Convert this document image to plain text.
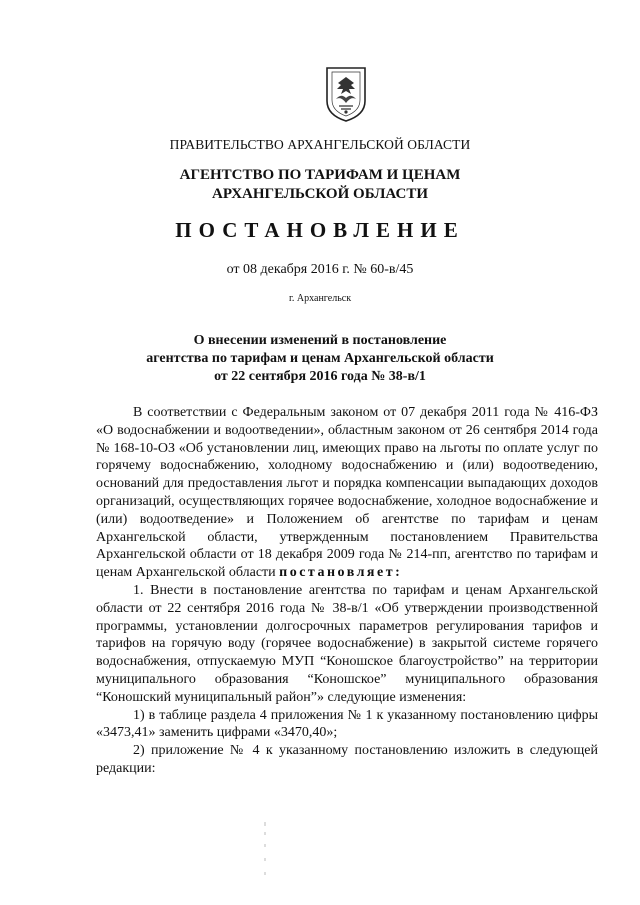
ПРАВИТЕЛЬСТВО АРХАНГЕЛЬСКОЙ ОБЛАСТИ
АГЕНТСТВО ПО ТАРИФАМ И ЦЕНАМ
АРХАНГЕЛЬСКОЙ ОБЛАСТИ
ПОСТАНОВЛЕНИЕ
от 08 декабря 2016 г. № 60-в/45
г. Архангельск
О внесении изменений в постановление
агентства по тарифам и ценам Архангельской области
от 22 сентября 2016 года № 38-в/1

В соответствии с Федеральным законом от 07 декабря 2011 года № 416-ФЗ «О водоснабжении и водоотведении», областным законом от 26 сентября 2014 года № 168-10-ОЗ «Об установлении лиц, имеющих право на льготы по оплате услуг по горячему водоснабжению, холодному водоснабжению и (или) водоотведению, оснований для предоставления льгот и порядка компенсации выпадающих доходов организаций, осуществляющих горячее водоснабжение, холодное водоснабжение и (или) водоотведение» и Положением об агентстве по тарифам и ценам Архангельской области, утвержденным постановлением Правительства Архангельской области от 18 декабря 2009 года № 214-пп, агентство по тарифам и ценам Архангельской области постановляет:

1. Внести в постановление агентства по тарифам и ценам Архангельской области от 22 сентября 2016 года № 38-в/1 «Об утверждении производственной программы, установлении долгосрочных параметров регулирования тарифов и тарифов на горячую воду (горячее водоснабжение) в закрытой системе горячего водоснабжения, отпускаемую МУП “Коношское благоустройство” на территории муниципального образования “Коношское” муниципального образования “Коношский муниципальный район”» следующие изменения:

1) в таблице раздела 4 приложения № 1 к указанному постановлению цифры «3473,41» заменить цифрами «3470,40»;

2) приложение № 4 к указанному постановлению изложить в следующей редакции:
